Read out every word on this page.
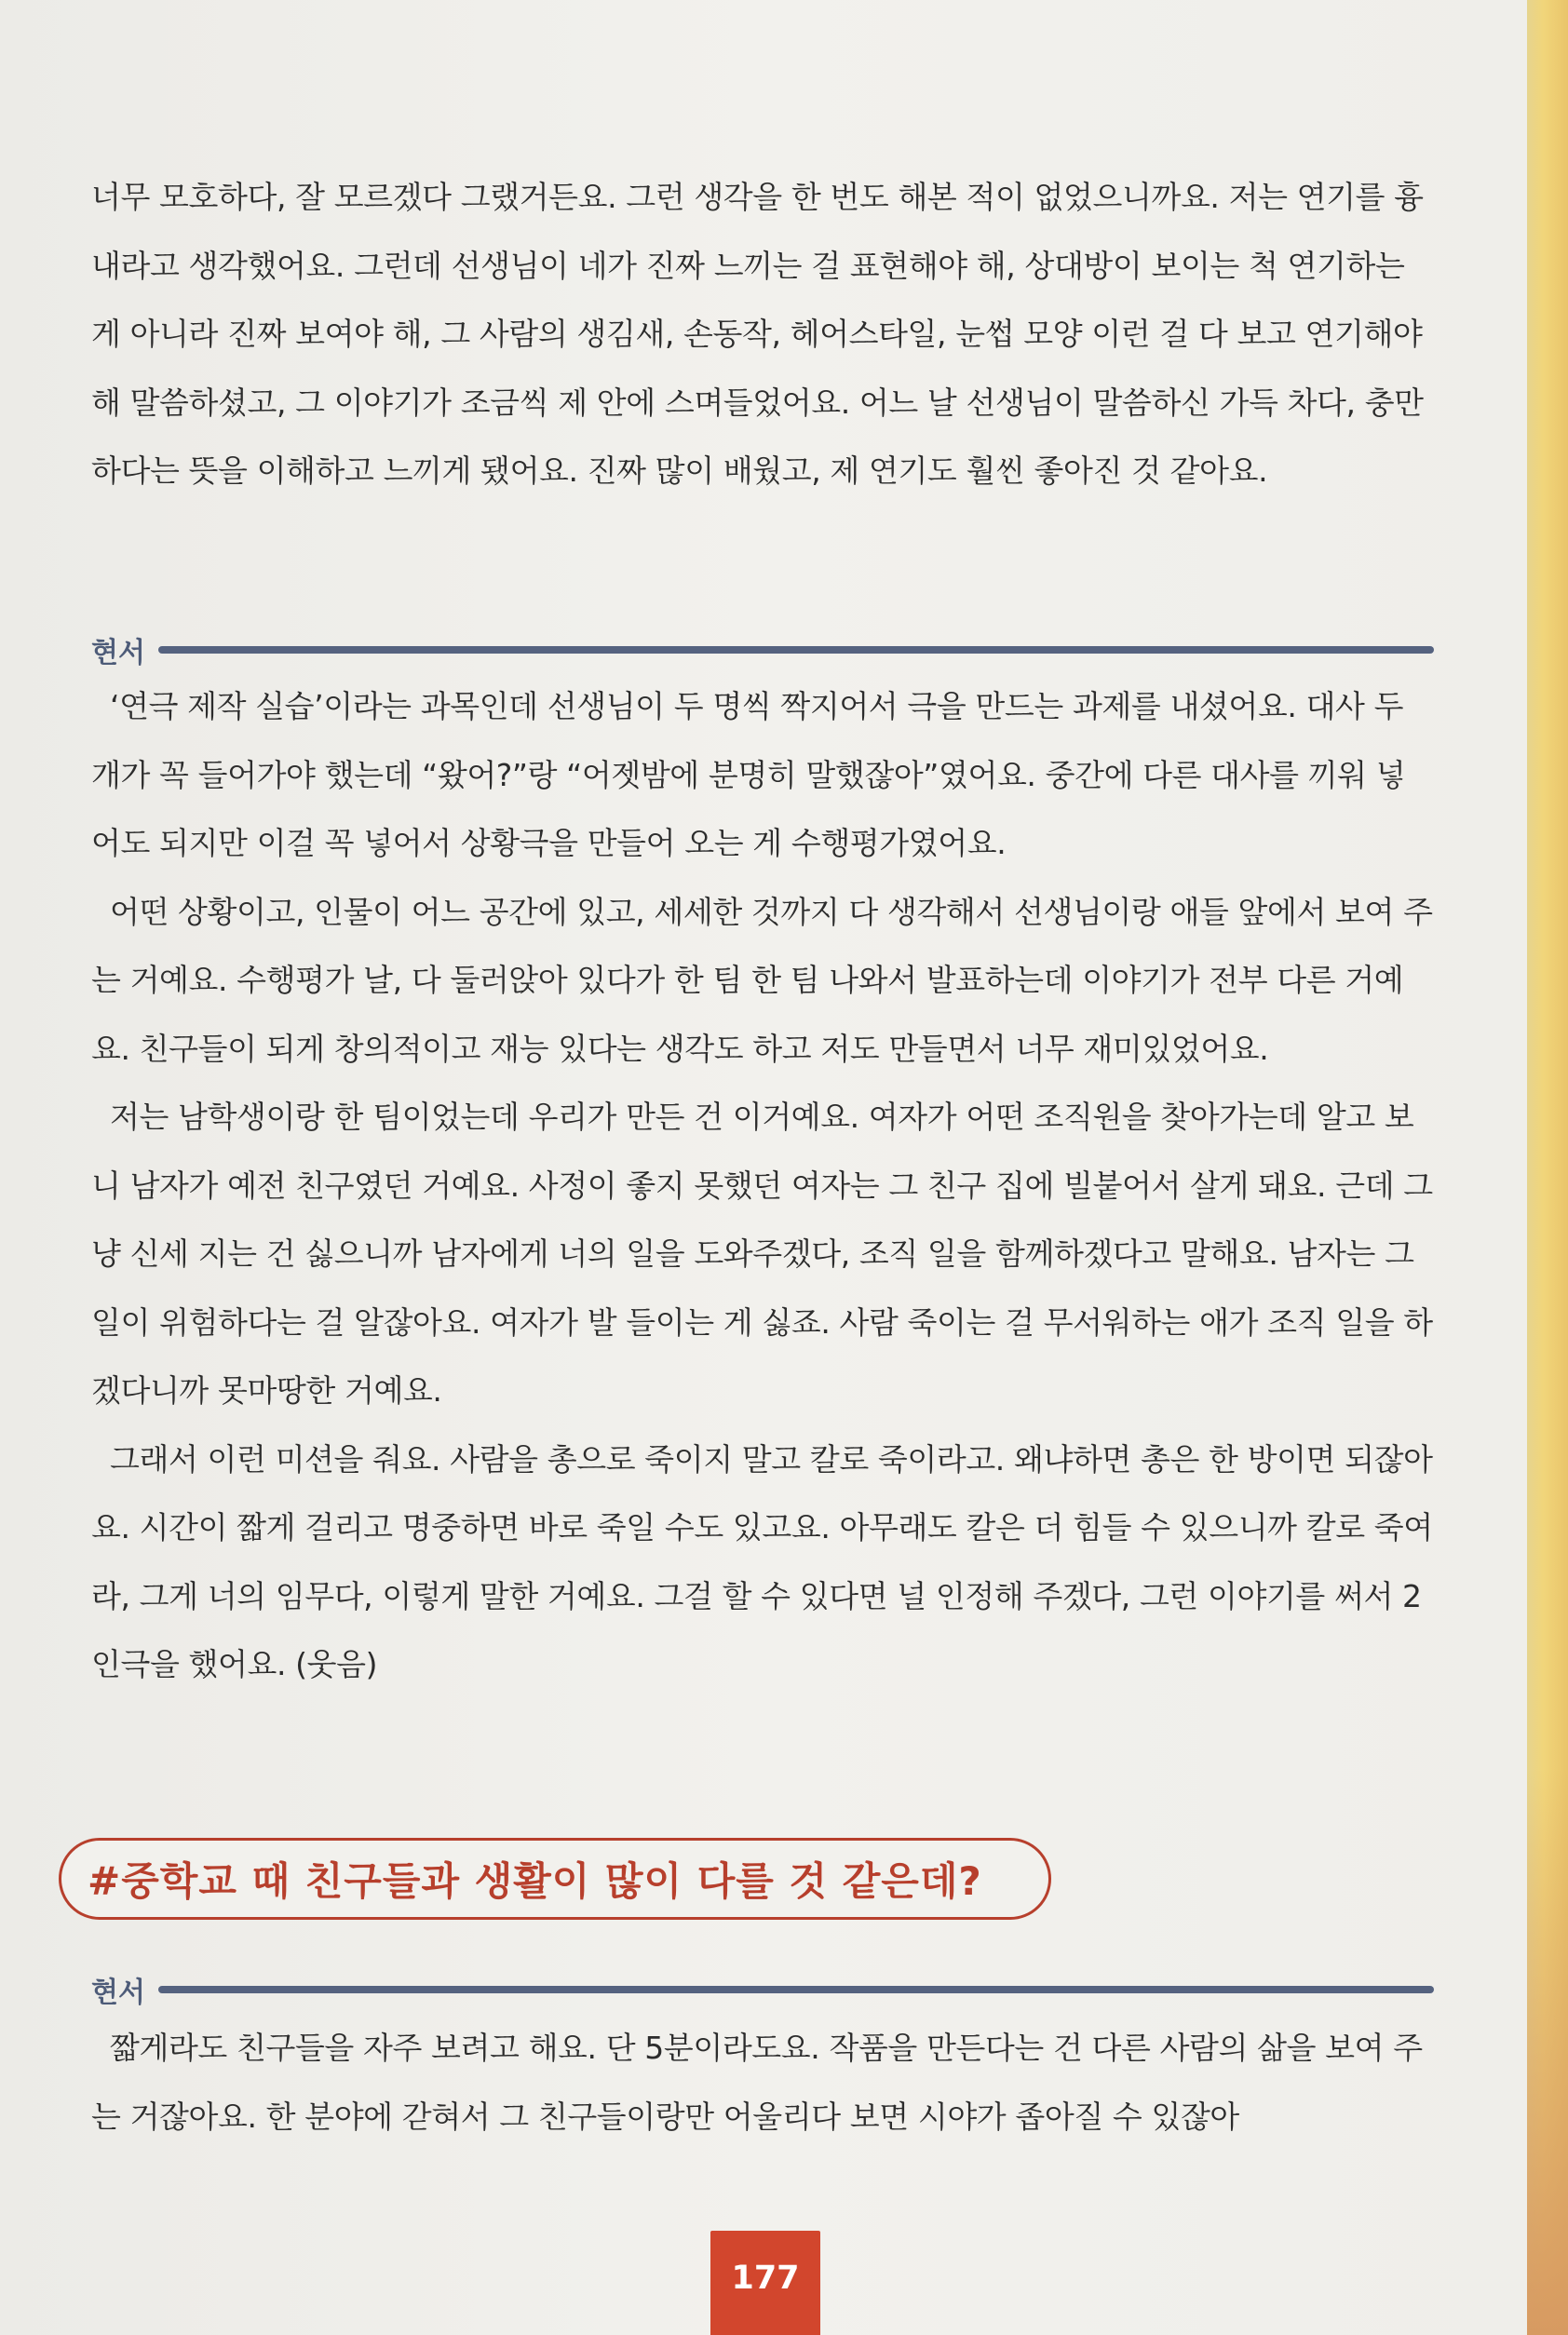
너무 모호하다, 잘 모르겠다 그랬거든요. 그런 생각을 한 번도 해본 적이 없었으니까요. 저는 연기를 흉내라고 생각했어요. 그런데 선생님이 네가 진짜 느끼는 걸 표현해야 해, 상대방이 보이는 척 연기하는 게 아니라 진짜 보여야 해, 그 사람의 생김새, 손동작, 헤어스타일, 눈썹 모양 이런 걸 다 보고 연기해야 해 말씀하셨고, 그 이야기가 조금씩 제 안에 스며들었어요. 어느 날 선생님이 말씀하신 가득 차다, 충만하다는 뜻을 이해하고 느끼게 됐어요. 진짜 많이 배웠고, 제 연기도 훨씬 좋아진 것 같아요.

현서

‘연극 제작 실습’이라는 과목인데 선생님이 두 명씩 짝지어서 극을 만드는 과제를 내셨어요. 대사 두 개가 꼭 들어가야 했는데 “왔어?”랑 “어젯밤에 분명히 말했잖아”였어요. 중간에 다른 대사를 끼워 넣어도 되지만 이걸 꼭 넣어서 상황극을 만들어 오는 게 수행평가였어요.

어떤 상황이고, 인물이 어느 공간에 있고, 세세한 것까지 다 생각해서 선생님이랑 애들 앞에서 보여 주는 거예요. 수행평가 날, 다 둘러앉아 있다가 한 팀 한 팀 나와서 발표하는데 이야기가 전부 다른 거예요. 친구들이 되게 창의적이고 재능 있다는 생각도 하고 저도 만들면서 너무 재미있었어요.

저는 남학생이랑 한 팀이었는데 우리가 만든 건 이거예요. 여자가 어떤 조직원을 찾아가는데 알고 보니 남자가 예전 친구였던 거예요. 사정이 좋지 못했던 여자는 그 친구 집에 빌붙어서 살게 돼요. 근데 그냥 신세 지는 건 싫으니까 남자에게 너의 일을 도와주겠다, 조직 일을 함께하겠다고 말해요. 남자는 그 일이 위험하다는 걸 알잖아요. 여자가 발 들이는 게 싫죠. 사람 죽이는 걸 무서워하는 애가 조직 일을 하겠다니까 못마땅한 거예요.

그래서 이런 미션을 줘요. 사람을 총으로 죽이지 말고 칼로 죽이라고. 왜냐하면 총은 한 방이면 되잖아요. 시간이 짧게 걸리고 명중하면 바로 죽일 수도 있고요. 아무래도 칼은 더 힘들 수 있으니까 칼로 죽여라, 그게 너의 임무다, 이렇게 말한 거예요. 그걸 할 수 있다면 널 인정해 주겠다, 그런 이야기를 써서 2인극을 했어요. (웃음)

#중학교 때 친구들과 생활이 많이 다를 것 같은데?
현서

짧게라도 친구들을 자주 보려고 해요. 단 5분이라도요. 작품을 만든다는 건 다른 사람의 삶을 보여 주는 거잖아요. 한 분야에 갇혀서 그 친구들이랑만 어울리다 보면 시야가 좁아질 수 있잖아

177
